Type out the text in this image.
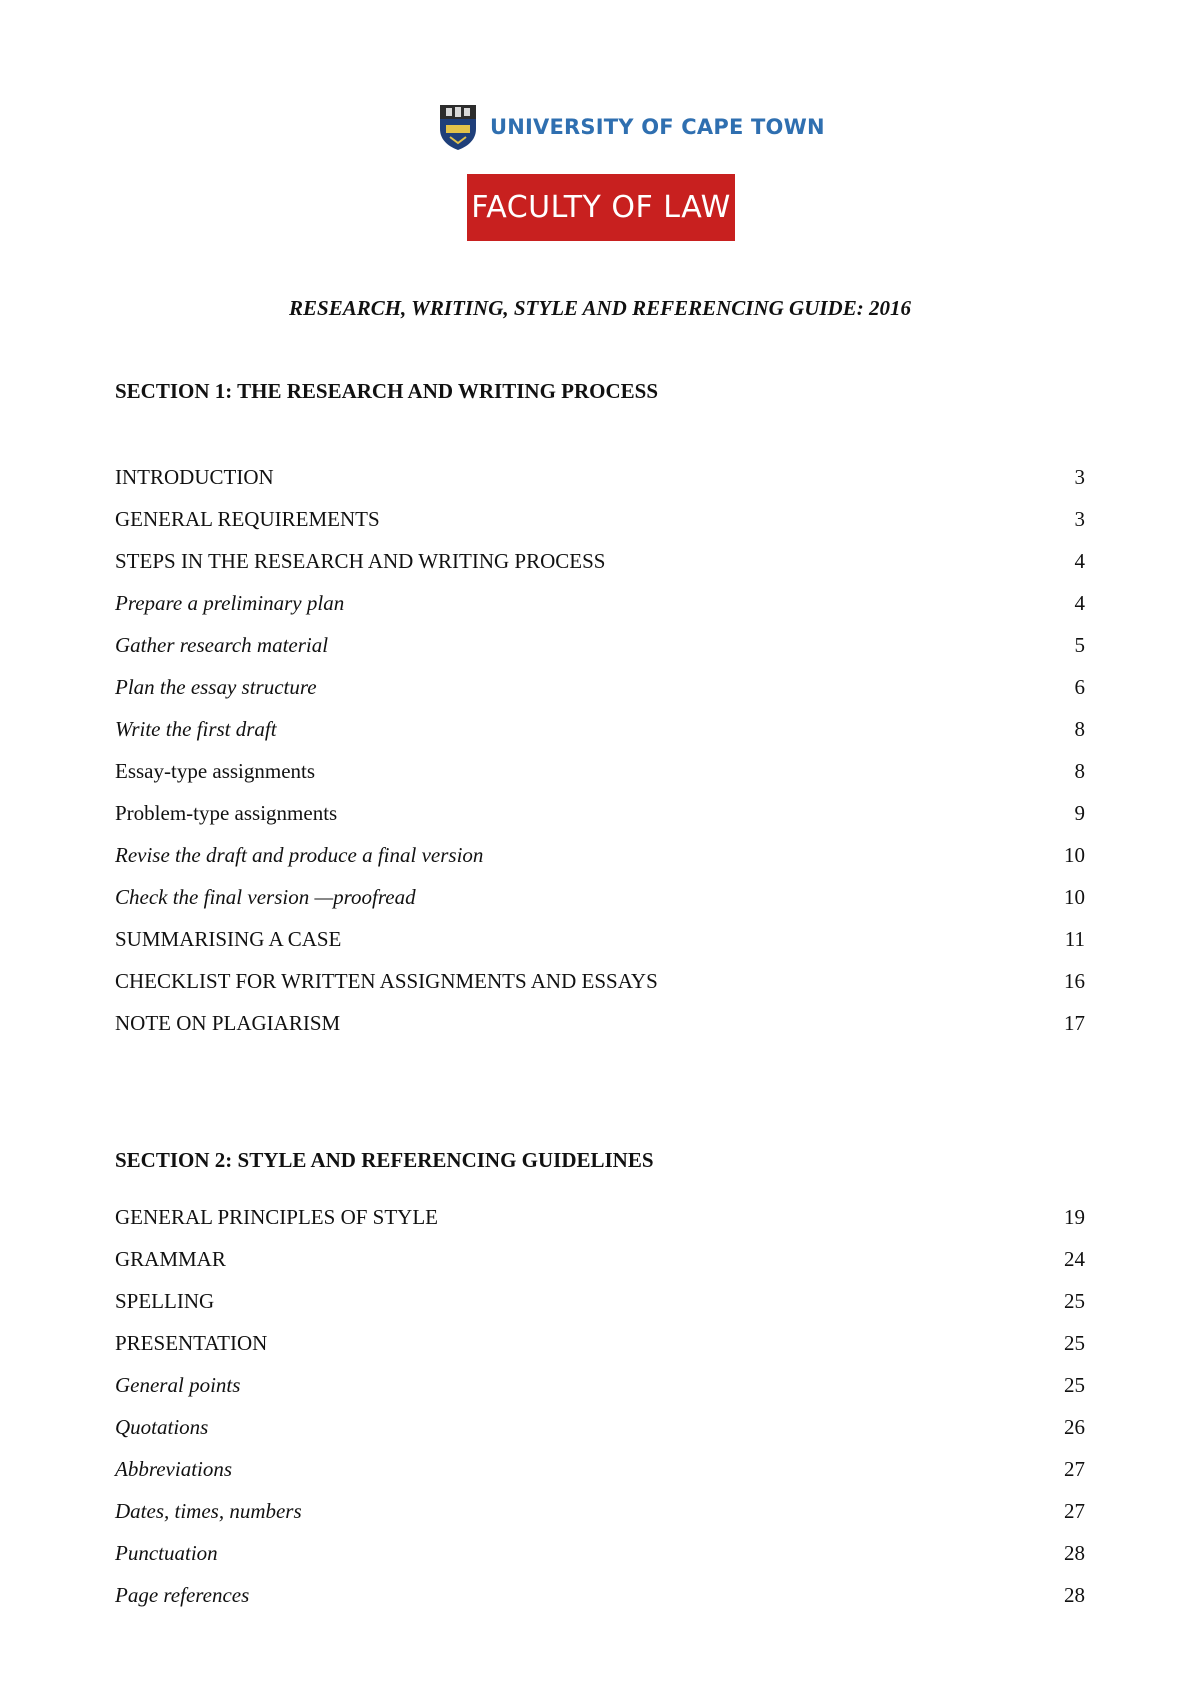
UNIVERSITY OF CAPE TOWN
FACULTY OF LAW
RESEARCH, WRITING, STYLE AND REFERENCING GUIDE: 2016
SECTION 1: THE RESEARCH AND WRITING PROCESS
INTRODUCTION	3
GENERAL REQUIREMENTS	3
STEPS IN THE RESEARCH AND WRITING PROCESS	4
Prepare a preliminary plan	4
Gather research material	5
Plan the essay structure	6
Write the first draft	8
Essay-type assignments	8
Problem-type assignments	9
Revise the draft and produce a final version	10
Check the final version —proofread	10
SUMMARISING A CASE	11
CHECKLIST FOR WRITTEN ASSIGNMENTS AND ESSAYS	16
NOTE ON PLAGIARISM	17
SECTION 2: STYLE AND REFERENCING GUIDELINES
GENERAL PRINCIPLES OF STYLE	19
GRAMMAR	24
SPELLING	25
PRESENTATION	25
General points	25
Quotations	26
Abbreviations	27
Dates, times, numbers	27
Punctuation	28
Page references	28
